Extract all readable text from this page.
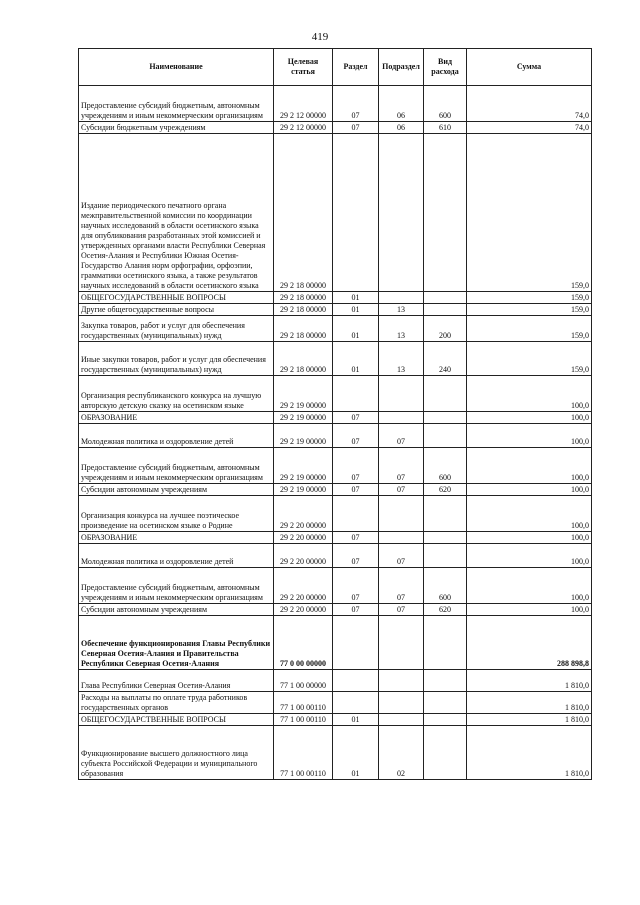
419
Наименование	Целевая статья	Раздел	Подраздел	Вид расхода	Сумма
Предоставление субсидий бюджетным, автономным учреждениям и иным некоммерческим организациям	29 2 12 00000	07	06	600	74,0
Субсидии бюджетным учреждениям	29 2 12 00000	07	06	610	74,0
Издание периодического печатного органа межправительственной комиссии по координации научных исследований в области осетинского языка для опубликования разработанных этой комиссией и утвержденных органами власти Республики Северная Осетия-Алания и Республики Южная Осетия-Государство Алания норм орфографии, орфоэпии, грамматики осетинского языка, а также результатов научных исследований в области осетинского языка	29 2 18 00000				159,0
ОБЩЕГОСУДАРСТВЕННЫЕ ВОПРОСЫ	29 2 18 00000	01			159,0
Другие общегосударственные вопросы	29 2 18 00000	01	13		159,0
Закупка товаров, работ и услуг для обеспечения государственных (муниципальных) нужд	29 2 18 00000	01	13	200	159,0
Иные закупки товаров, работ и услуг для обеспечения государственных (муниципальных) нужд	29 2 18 00000	01	13	240	159,0
Организация республиканского конкурса на лучшую авторскую детскую сказку на осетинском языке	29 2 19 00000				100,0
ОБРАЗОВАНИЕ	29 2 19 00000	07			100,0
Молодежная политика и оздоровление детей	29 2 19 00000	07	07		100,0
Предоставление субсидий бюджетным, автономным учреждениям и иным некоммерческим организациям	29 2 19 00000	07	07	600	100,0
Субсидии автономным учреждениям	29 2 19 00000	07	07	620	100,0
Организация конкурса на лучшее поэтическое произведение на осетинском языке о Родине	29 2 20 00000				100,0
ОБРАЗОВАНИЕ	29 2 20 00000	07			100,0
Молодежная политика и оздоровление детей	29 2 20 00000	07	07		100,0
Предоставление субсидий бюджетным, автономным учреждениям и иным некоммерческим организациям	29 2 20 00000	07	07	600	100,0
Субсидии автономным учреждениям	29 2 20 00000	07	07	620	100,0
Обеспечение функционирования Главы Республики Северная Осетия-Алания и Правительства Республики Северная Осетия-Алания	77 0 00 00000				288 898,8
Глава Республики Северная Осетия-Алания	77 1 00 00000				1 810,0
Расходы на выплаты по оплате труда работников государственных органов	77 1 00 00110				1 810,0
ОБЩЕГОСУДАРСТВЕННЫЕ ВОПРОСЫ	77 1 00 00110	01			1 810,0
Функционирование высшего должностного лица субъекта Российской Федерации и муниципального образования	77 1 00 00110	01	02		1 810,0
